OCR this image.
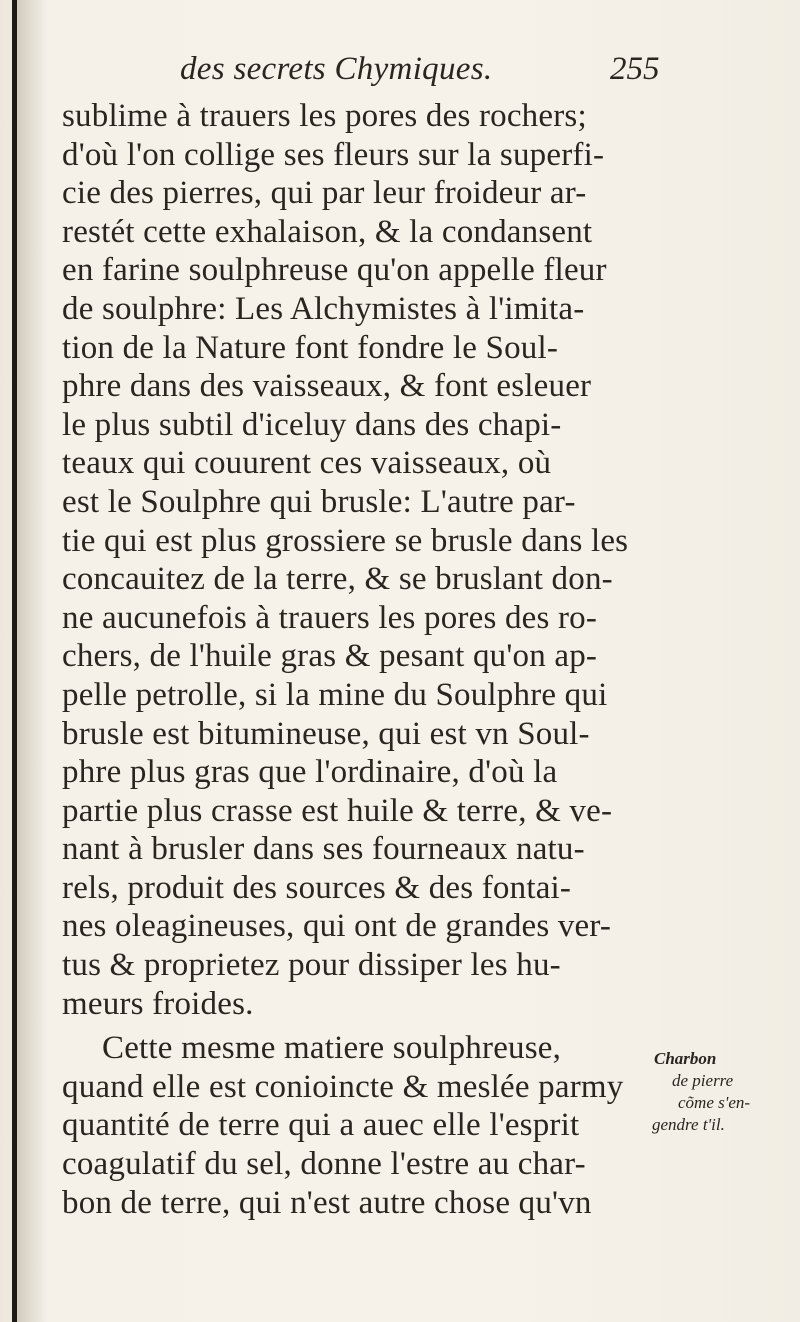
des secrets Chymiques.	255
sublime à trauers les pores des rochers;
d'où l'on collige ses fleurs sur la superfi-
cie des pierres, qui par leur froideur ar-
restét cette exhalaison, & la condansent
en farine soulphreuse qu'on appelle fleur
de soulphre: Les Alchymistes à l'imita-
tion de la Nature font fondre le Soul-
phre dans des vaisseaux, & font esleuer
le plus subtil d'iceluy dans des chapi-
teaux qui couurent ces vaisseaux, où
est le Soulphre qui brusle: L'autre par-
tie qui est plus grossiere se brusle dans les
concauitez de la terre, & se bruslant don-
ne aucunefois à trauers les pores des ro-
chers, de l'huile gras & pesant qu'on ap-
pelle petrolle, si la mine du Soulphre qui
brusle est bitumineuse, qui est vn Soul-
phre plus gras que l'ordinaire, d'où la
partie plus crasse est huile & terre, & ve-
nant à brusler dans ses fourneaux natu-
rels, produit des sources & des fontai-
nes oleagineuses, qui ont de grandes ver-
tus & proprietez pour dissiper les hu-
meurs froides.
Cette mesme matiere soulphreuse,
quand elle est conioincte & meslée parmy
quantité de terre qui a auec elle l'esprit
coagulatif du sel, donne l'estre au char-
bon de terre, qui n'est autre chose qu'vn
Charbon
de pierre
cõme s'en-
gendre t'il.
